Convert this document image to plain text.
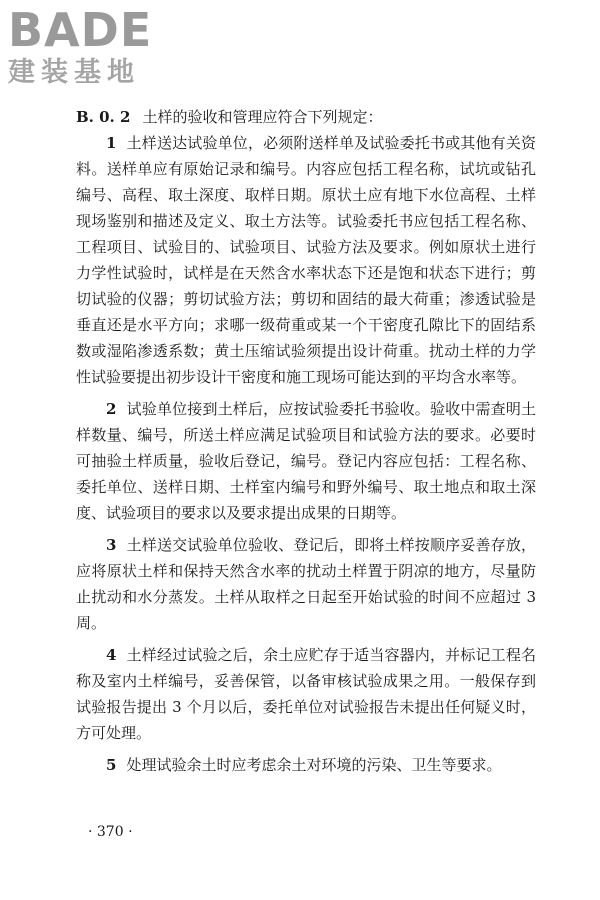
BADE
建装基地

B. 0. 2 土样的验收和管理应符合下列规定：

1 土样送达试验单位，必须附送样单及试验委托书或其他有关资料。送样单应有原始记录和编号。内容应包括工程名称，试坑或钻孔编号、高程、取土深度、取样日期。原状土应有地下水位高程、土样现场鉴别和描述及定义、取土方法等。试验委托书应包括工程名称、工程项目、试验目的、试验项目、试验方法及要求。例如原状土进行力学性试验时，试样是在天然含水率状态下还是饱和状态下进行；剪切试验的仪器；剪切试验方法；剪切和固结的最大荷重；渗透试验是垂直还是水平方向；求哪一级荷重或某一个干密度孔隙比下的固结系数或湿陷渗透系数；黄土压缩试验须提出设计荷重。扰动土样的力学性试验要提出初步设计干密度和施工现场可能达到的平均含水率等。

2 试验单位接到土样后，应按试验委托书验收。验收中需查明土样数量、编号，所送土样应满足试验项目和试验方法的要求。必要时可抽验土样质量，验收后登记，编号。登记内容应包括：工程名称、委托单位、送样日期、土样室内编号和野外编号、取土地点和取土深度、试验项目的要求以及要求提出成果的日期等。

3 土样送交试验单位验收、登记后，即将土样按顺序妥善存放，应将原状土样和保持天然含水率的扰动土样置于阴凉的地方，尽量防止扰动和水分蒸发。土样从取样之日起至开始试验的时间不应超过 3 周。

4 土样经过试验之后，余土应贮存于适当容器内，并标记工程名称及室内土样编号，妥善保管，以备审核试验成果之用。一般保存到试验报告提出 3 个月以后，委托单位对试验报告未提出任何疑义时，方可处理。

5 处理试验余土时应考虑余土对环境的污染、卫生等要求。

· 370 ·
